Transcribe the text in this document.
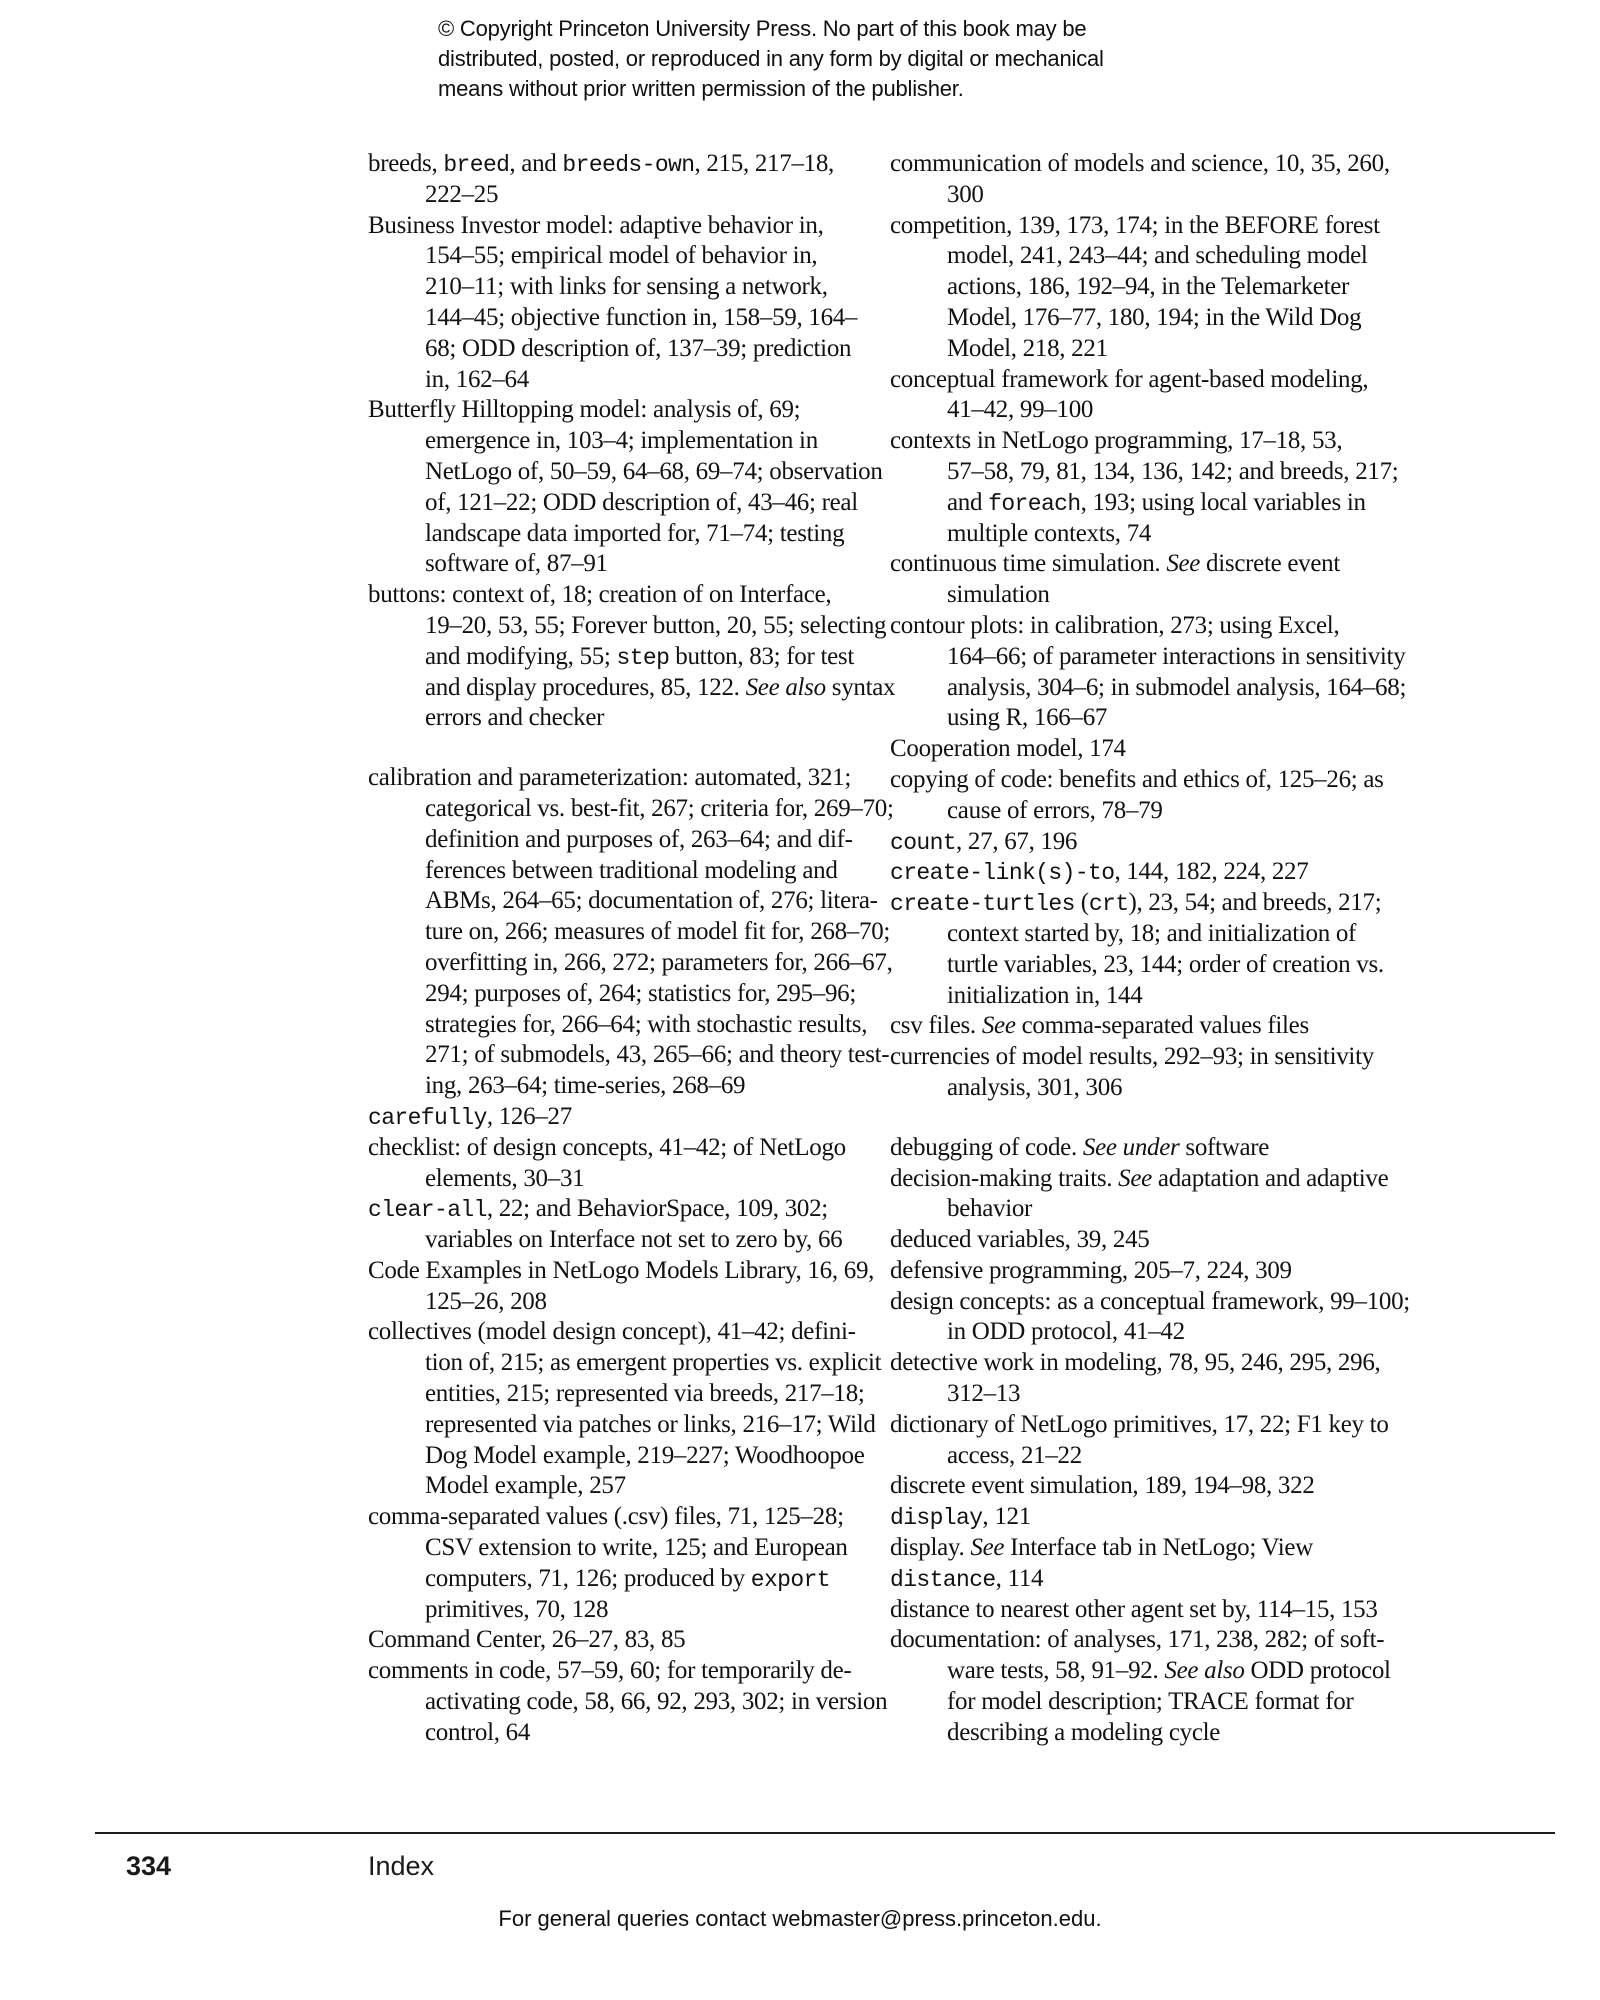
© Copyright Princeton University Press. No part of this book may be
distributed, posted, or reproduced in any form by digital or mechanical
means without prior written permission of the publisher.
breeds, breed, and breeds-own, 215, 217–18,
222–25
Business Investor model: adaptive behavior in,
154–55; empirical model of behavior in,
210–11; with links for sensing a network,
144–45; objective function in, 158–59, 164–
68; ODD description of, 137–39; prediction
in, 162–64
Butterfly Hilltopping model: analysis of, 69;
emergence in, 103–4; implementation in
NetLogo of, 50–59, 64–68, 69–74; observation
of, 121–22; ODD description of, 43–46; real
landscape data imported for, 71–74; testing
software of, 87–91
buttons: context of, 18; creation of on Interface,
19–20, 53, 55; Forever button, 20, 55; selecting
and modifying, 55; step button, 83; for test
and display procedures, 85, 122. See also syntax
errors and checker
calibration and parameterization: automated, 321;
categorical vs. best-fit, 267; criteria for, 269–70;
definition and purposes of, 263–64; and dif-
ferences between traditional modeling and
ABMs, 264–65; documentation of, 276; litera-
ture on, 266; measures of model fit for, 268–70;
overfitting in, 266, 272; parameters for, 266–67,
294; purposes of, 264; statistics for, 295–96;
strategies for, 266–64; with stochastic results,
271; of submodels, 43, 265–66; and theory test-
ing, 263–64; time-series, 268–69
carefully, 126–27
checklist: of design concepts, 41–42; of NetLogo
elements, 30–31
clear-all, 22; and BehaviorSpace, 109, 302;
variables on Interface not set to zero by, 66
Code Examples in NetLogo Models Library, 16, 69,
125–26, 208
collectives (model design concept), 41–42; defini-
tion of, 215; as emergent properties vs. explicit
entities, 215; represented via breeds, 217–18;
represented via patches or links, 216–17; Wild
Dog Model example, 219–227; Woodhoopoe
Model example, 257
comma-separated values (.csv) files, 71, 125–28;
CSV extension to write, 125; and European
computers, 71, 126; produced by export
primitives, 70, 128
Command Center, 26–27, 83, 85
comments in code, 57–59, 60; for temporarily de-
activating code, 58, 66, 92, 293, 302; in version
control, 64
communication of models and science, 10, 35, 260,
300
competition, 139, 173, 174; in the BEFORE forest
model, 241, 243–44; and scheduling model
actions, 186, 192–94, in the Telemarketer
Model, 176–77, 180, 194; in the Wild Dog
Model, 218, 221
conceptual framework for agent-based modeling,
41–42, 99–100
contexts in NetLogo programming, 17–18, 53,
57–58, 79, 81, 134, 136, 142; and breeds, 217;
and foreach, 193; using local variables in
multiple contexts, 74
continuous time simulation. See discrete event
simulation
contour plots: in calibration, 273; using Excel,
164–66; of parameter interactions in sensitivity
analysis, 304–6; in submodel analysis, 164–68;
using R, 166–67
Cooperation model, 174
copying of code: benefits and ethics of, 125–26; as
cause of errors, 78–79
count, 27, 67, 196
create-link(s)-to, 144, 182, 224, 227
create-turtles (crt), 23, 54; and breeds, 217;
context started by, 18; and initialization of
turtle variables, 23, 144; order of creation vs.
initialization in, 144
csv files. See comma-separated values files
currencies of model results, 292–93; in sensitivity
analysis, 301, 306
debugging of code. See under software
decision-making traits. See adaptation and adaptive
behavior
deduced variables, 39, 245
defensive programming, 205–7, 224, 309
design concepts: as a conceptual framework, 99–100;
in ODD protocol, 41–42
detective work in modeling, 78, 95, 246, 295, 296,
312–13
dictionary of NetLogo primitives, 17, 22; F1 key to
access, 21–22
discrete event simulation, 189, 194–98, 322
display, 121
display. See Interface tab in NetLogo; View
distance, 114
distance to nearest other agent set by, 114–15, 153
documentation: of analyses, 171, 238, 282; of soft-
ware tests, 58, 91–92. See also ODD protocol
for model description; TRACE format for
describing a modeling cycle
334	Index
For general queries contact webmaster@press.princeton.edu.
